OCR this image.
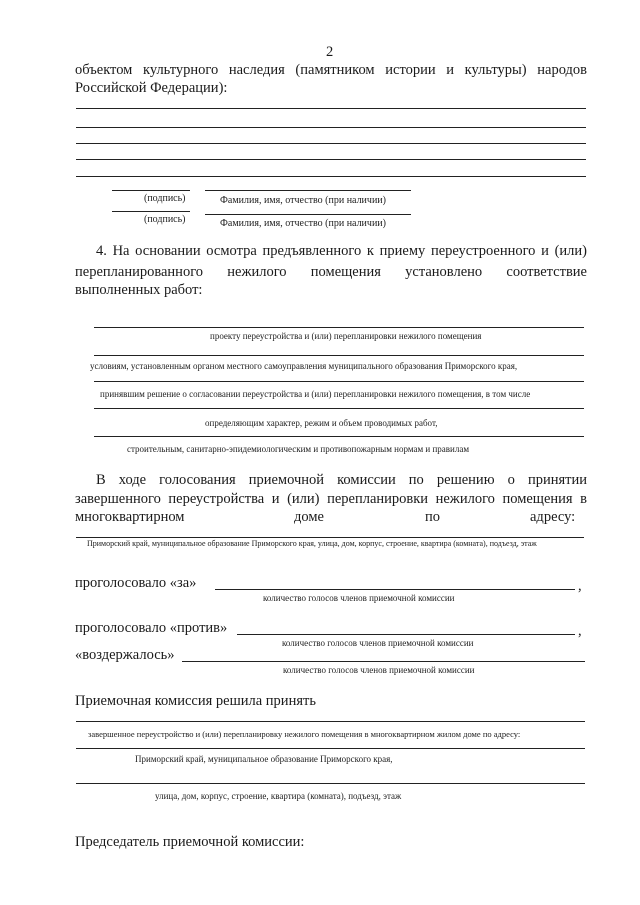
2
объектом культурного наследия (памятником истории и культуры) народов
Российской Федерации):
(подпись)	Фамилия, имя, отчество (при наличии)
(подпись)	Фамилия, имя, отчество (при наличии)
4. На основании осмотра предъявленного к приему переустроенного и (или)
перепланированного нежилого помещения установлено соответствие
выполненных работ:
проекту переустройства и (или) перепланировки нежилого помещения
условиям, установленным органом местного самоуправления муниципального образования Приморского края,
принявшим решение о согласовании переустройства и (или) перепланировки нежилого помещения, в том числе
определяющим характер, режим и объем проводимых работ,
строительным, санитарно-эпидемиологическим и противопожарным нормам и правилам
В ходе голосования приемочной комиссии по решению о принятии
завершенного переустройства и (или) перепланировки нежилого помещения в
многоквартирном	доме	по	адресу:
Приморский край, муниципальное образование Приморского края, улица, дом, корпус, строение, квартира (комната), подъезд, этаж
проголосовало «за»	,
количество голосов членов приемочной комиссии
проголосовало «против»	,
количество голосов членов приемочной комиссии
«воздержалось»
количество голосов членов приемочной комиссии
Приемочная комиссия решила принять
завершенное переустройство и (или) перепланировку нежилого помещения в многоквартирном жилом доме по адресу:
Приморский край, муниципальное образование Приморского края,
улица, дом, корпус, строение, квартира (комната), подъезд, этаж
Председатель приемочной комиссии:
